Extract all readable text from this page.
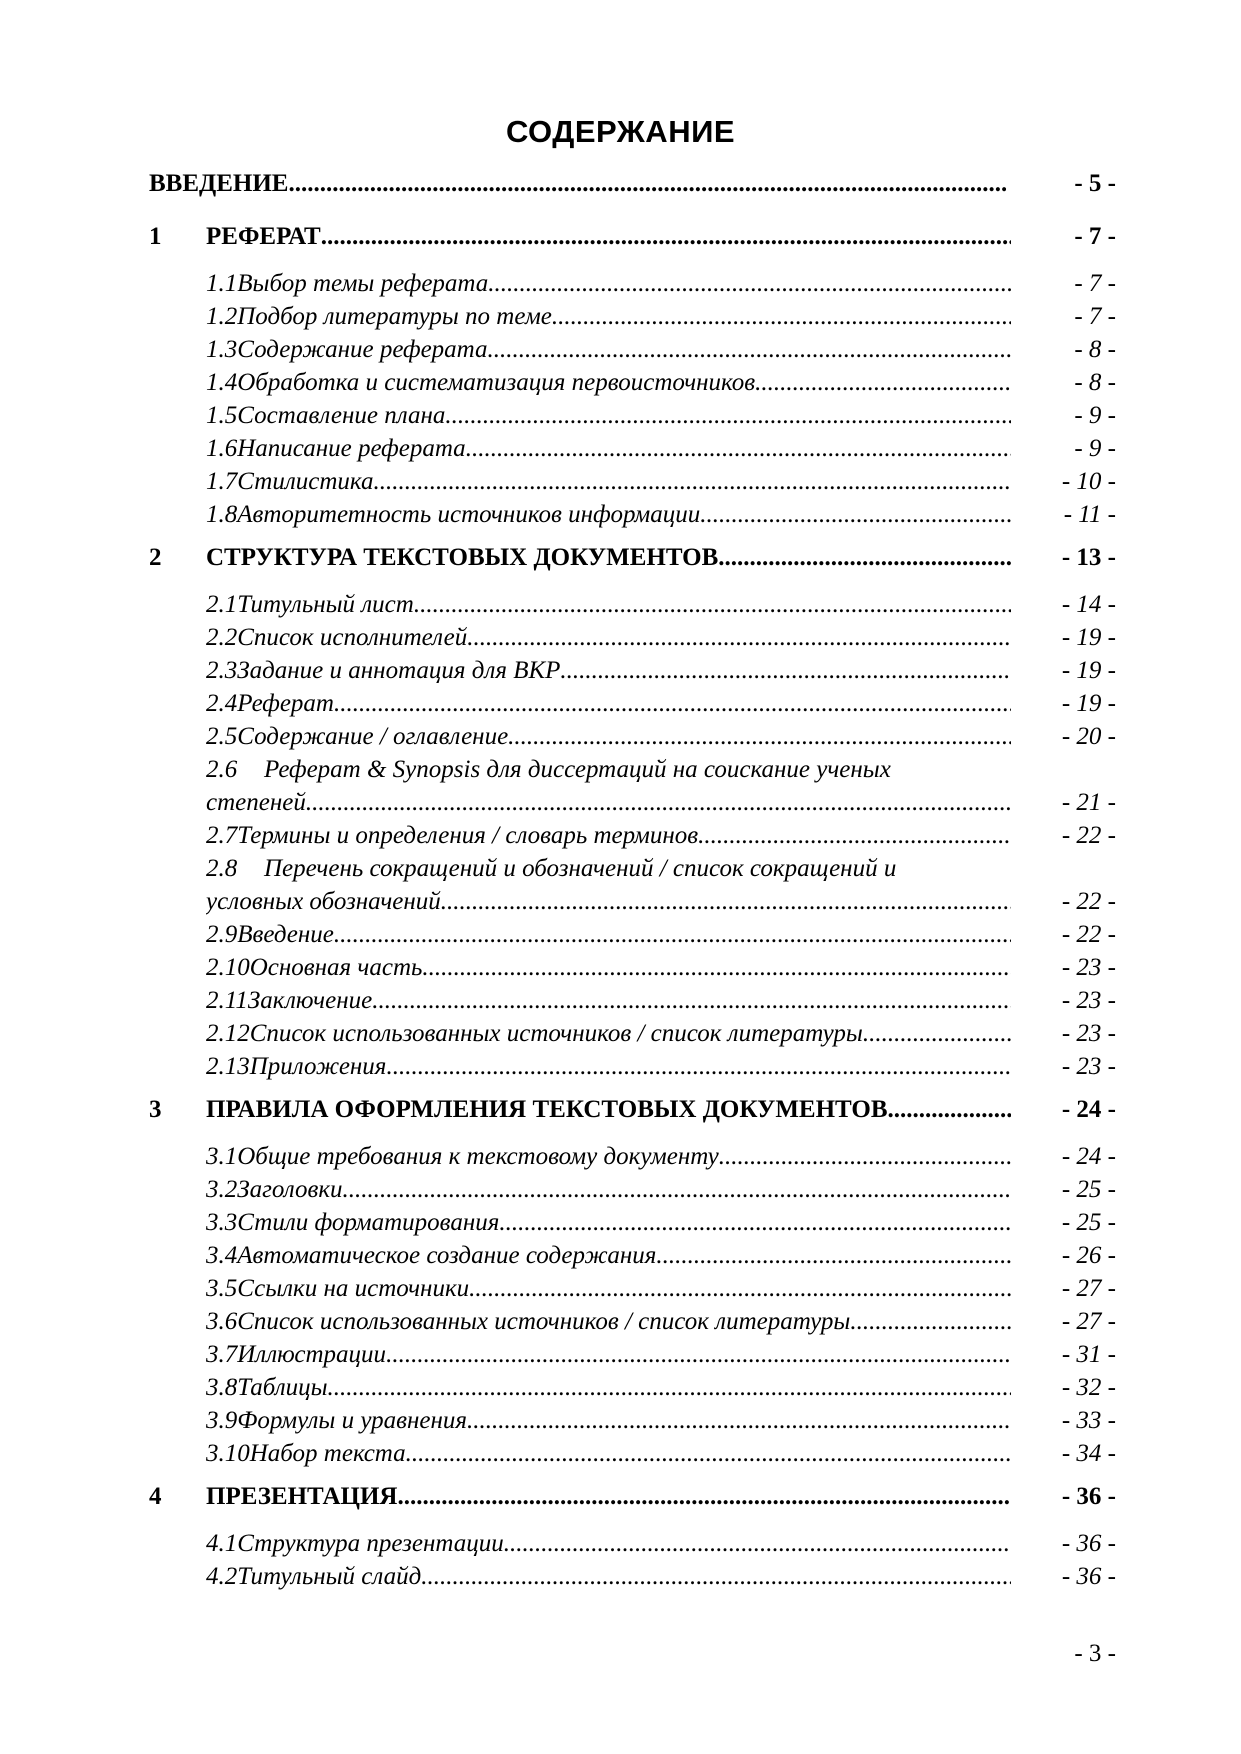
СОДЕРЖАНИЕ
ВВЕДЕНИЕ .....	- 5 -
1 РЕФЕРАТ .....	- 7 -
1.1 Выбор темы реферата .....	- 7 -
1.2 Подбор литературы по теме .....	- 7 -
1.3 Содержание реферата .....	- 8 -
1.4 Обработка и систематизация первоисточников .....	- 8 -
1.5 Составление плана .....	- 9 -
1.6 Написание реферата .....	- 9 -
1.7 Стилистика .....	- 10 -
1.8 Авторитетность источников информации .....	- 11 -
2 СТРУКТУРА ТЕКСТОВЫХ ДОКУМЕНТОВ .....	- 13 -
2.1 Титульный лист .....	- 14 -
2.2 Список исполнителей .....	- 19 -
2.3 Задание и аннотация для ВКР .....	- 19 -
2.4 Реферат .....	- 19 -
2.5 Содержание / оглавление .....	- 20 -
2.6 Реферат & Synopsis для диссертаций на соискание ученых
степеней .....	- 21 -
2.7 Термины и определения / словарь терминов .....	- 22 -
2.8 Перечень сокращений и обозначений / список сокращений и
условных обозначений .....	- 22 -
2.9 Введение .....	- 22 -
2.10 Основная часть .....	- 23 -
2.11 Заключение .....	- 23 -
2.12 Список использованных источников / список литературы .....	- 23 -
2.13 Приложения .....	- 23 -
3 ПРАВИЛА ОФОРМЛЕНИЯ ТЕКСТОВЫХ ДОКУМЕНТОВ .....	- 24 -
3.1 Общие требования к текстовому документу .....	- 24 -
3.2 Заголовки .....	- 25 -
3.3 Стили форматирования .....	- 25 -
3.4 Автоматическое создание содержания .....	- 26 -
3.5 Ссылки на источники .....	- 27 -
3.6 Список использованных источников / список литературы .....	- 27 -
3.7 Иллюстрации .....	- 31 -
3.8 Таблицы .....	- 32 -
3.9 Формулы и уравнения .....	- 33 -
3.10 Набор текста .....	- 34 -
4 ПРЕЗЕНТАЦИЯ .....	- 36 -
4.1 Структура презентации .....	- 36 -
4.2 Титульный слайд .....	- 36 -
- 3 -
